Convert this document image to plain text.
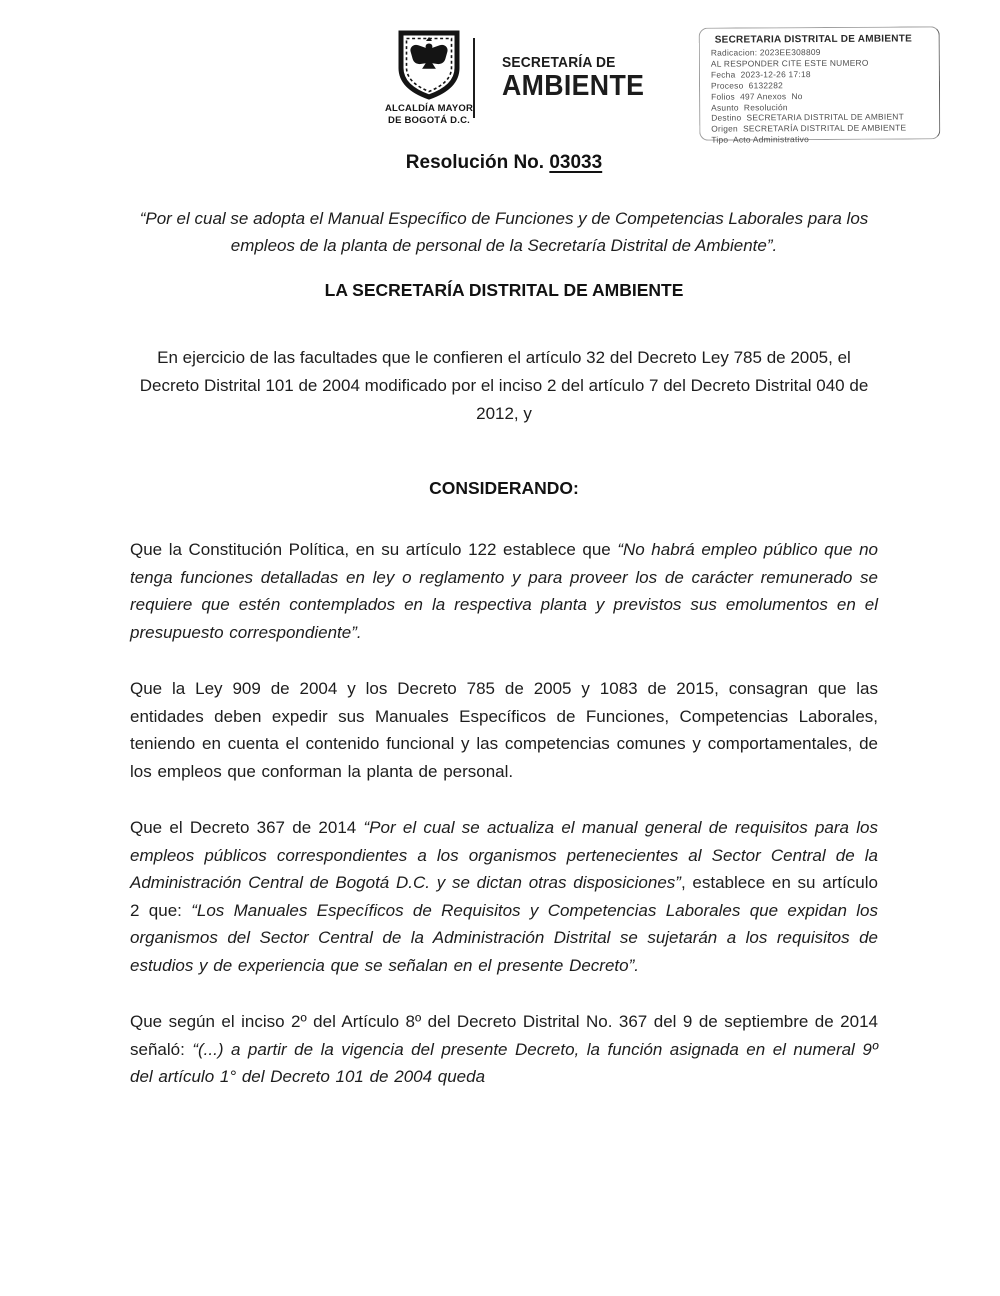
ALCALDÍA MAYOR
DE BOGOTÁ D.C.
SECRETARÍA DE
AMBIENTE
SECRETARIA DISTRITAL DE AMBIENTE
Radicacion: 2023EE308809
AL RESPONDER CITE ESTE NUMERO
Fecha  2023-12-26 17:18
Proceso  6132282
Folios  497 Anexos  No
Asunto  Resolución
Destino  SECRETARIA DISTRITAL DE AMBIENT
Origen  SECRETARÍA DISTRITAL DE AMBIENTE
Tipo  Acto Administrativo
Resolución No. 03033

“Por el cual se adopta el Manual Específico de Funciones y de Competencias Laborales para los empleos de la planta de personal de la Secretaría Distrital de Ambiente”.

LA SECRETARÍA DISTRITAL DE AMBIENTE

En ejercicio de las facultades que le confieren el artículo 32 del Decreto Ley 785 de 2005, el Decreto Distrital 101 de 2004 modificado por el inciso 2 del artículo 7 del Decreto Distrital 040 de 2012, y

CONSIDERANDO:

Que la Constitución Política, en su artículo 122 establece que “No habrá empleo público que no tenga funciones detalladas en ley o reglamento y para proveer los de carácter remunerado se requiere que estén contemplados en la respectiva planta y previstos sus emolumentos en el presupuesto correspondiente”.

Que la Ley 909 de 2004 y los Decreto 785 de 2005 y 1083 de 2015, consagran que las entidades deben expedir sus Manuales Específicos de Funciones, Competencias Laborales, teniendo en cuenta el contenido funcional y las competencias comunes y comportamentales, de los empleos que conforman la planta de personal.

Que el Decreto 367 de 2014 “Por el cual se actualiza el manual general de requisitos para los empleos públicos correspondientes a los organismos pertenecientes al Sector Central de la Administración Central de Bogotá D.C. y se dictan otras disposiciones”, establece en su artículo 2 que: “Los Manuales Específicos de Requisitos y Competencias Laborales que expidan los organismos del Sector Central de la Administración Distrital se sujetarán a los requisitos de estudios y de experiencia que se señalan en el presente Decreto”.

Que según el inciso 2º del Artículo 8º del Decreto Distrital No. 367 del 9 de septiembre de 2014 señaló: “(...) a partir de la vigencia del presente Decreto, la función asignada en el numeral 9º del artículo 1° del Decreto 101 de 2004 queda
